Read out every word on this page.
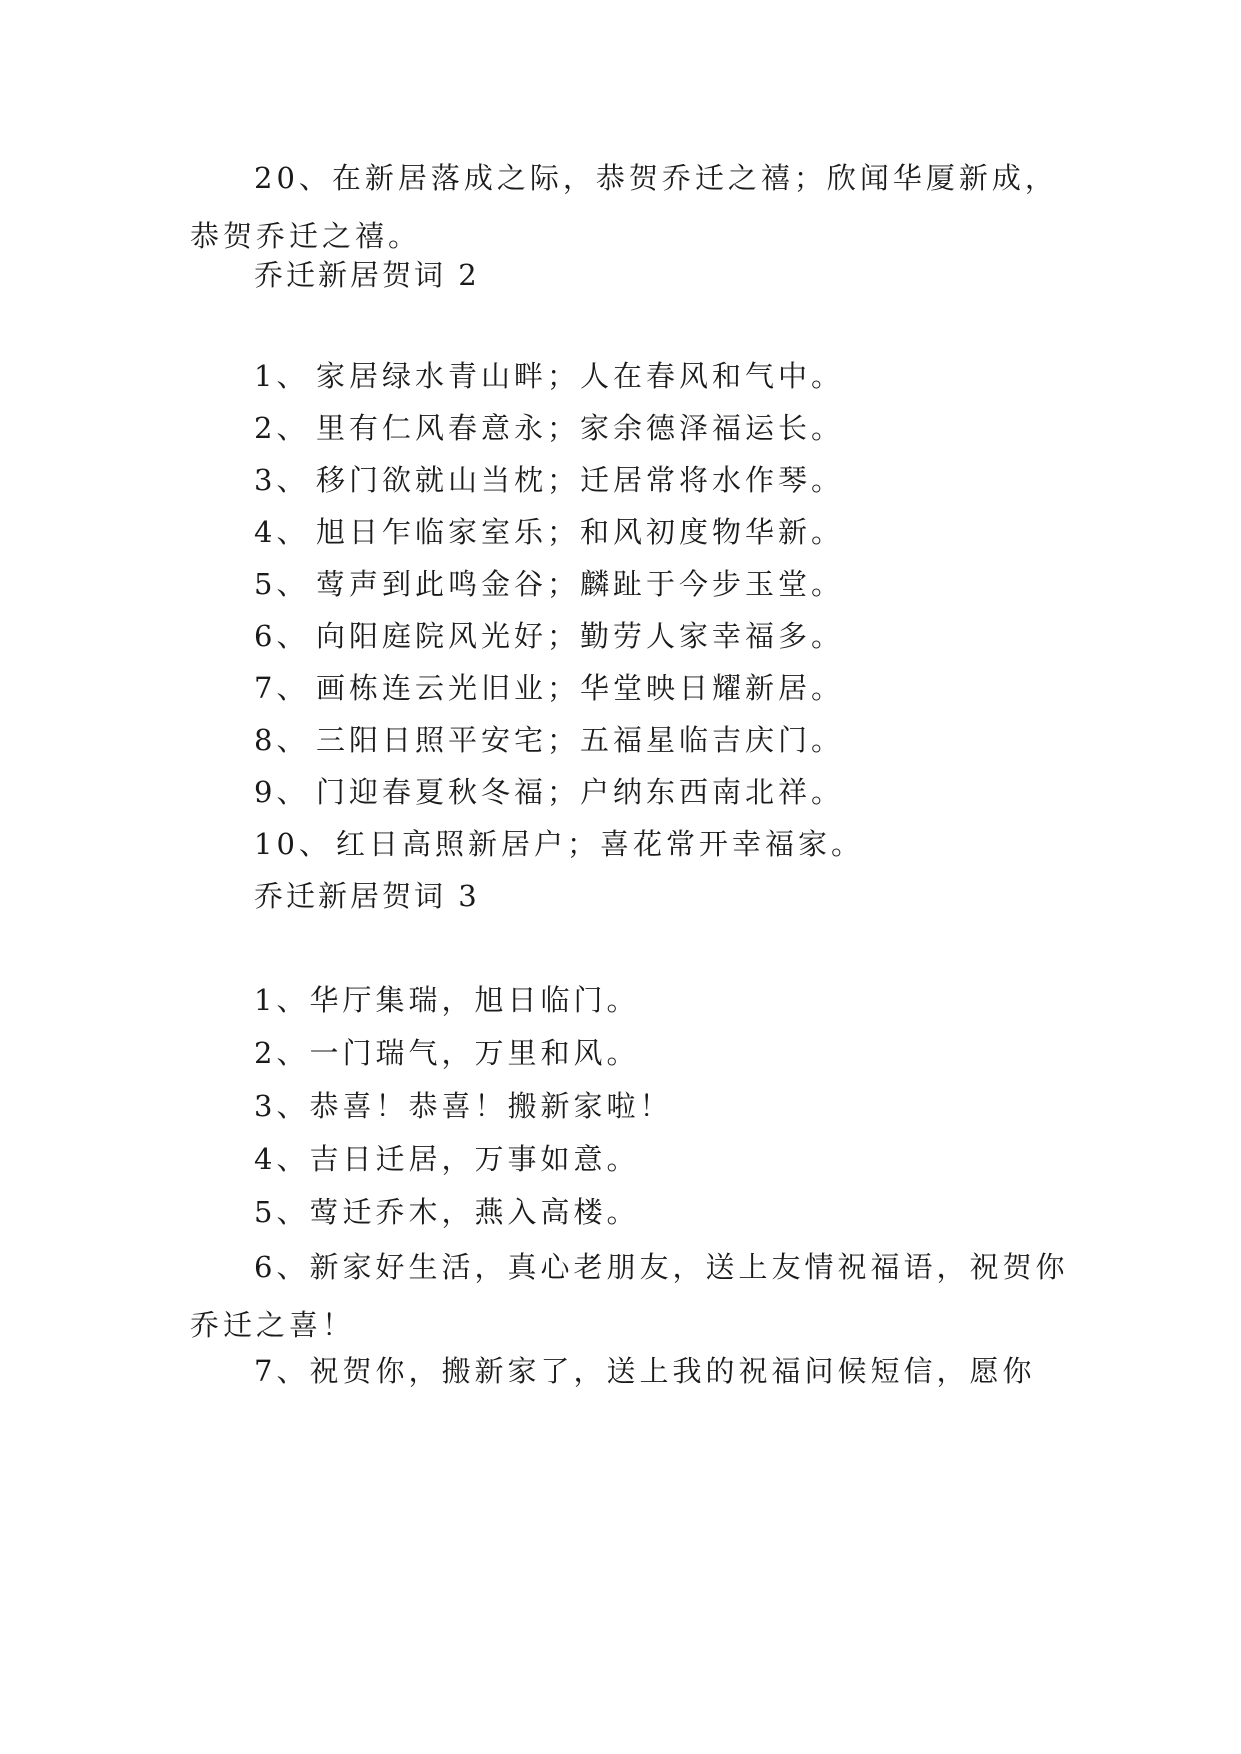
20、在新居落成之际，恭贺乔迁之禧；欣闻华厦新成，恭贺乔迁之禧。
乔迁新居贺词 2
1、 家居绿水青山畔；人在春风和气中。
2、 里有仁风春意永；家余德泽福运长。
3、 移门欲就山当枕；迁居常将水作琴。
4、 旭日乍临家室乐；和风初度物华新。
5、 莺声到此鸣金谷；麟趾于今步玉堂。
6、 向阳庭院风光好；勤劳人家幸福多。
7、 画栋连云光旧业；华堂映日耀新居。
8、 三阳日照平安宅；五福星临吉庆门。
9、 门迎春夏秋冬福；户纳东西南北祥。
10、 红日高照新居户；喜花常开幸福家。
乔迁新居贺词 3
1、华厅集瑞，旭日临门。
2、一门瑞气，万里和风。
3、恭喜！恭喜！搬新家啦！
4、吉日迁居，万事如意。
5、莺迁乔木，燕入高楼。
6、新家好生活，真心老朋友，送上友情祝福语，祝贺你乔迁之喜！
7、祝贺你，搬新家了，送上我的祝福问候短信，愿你
